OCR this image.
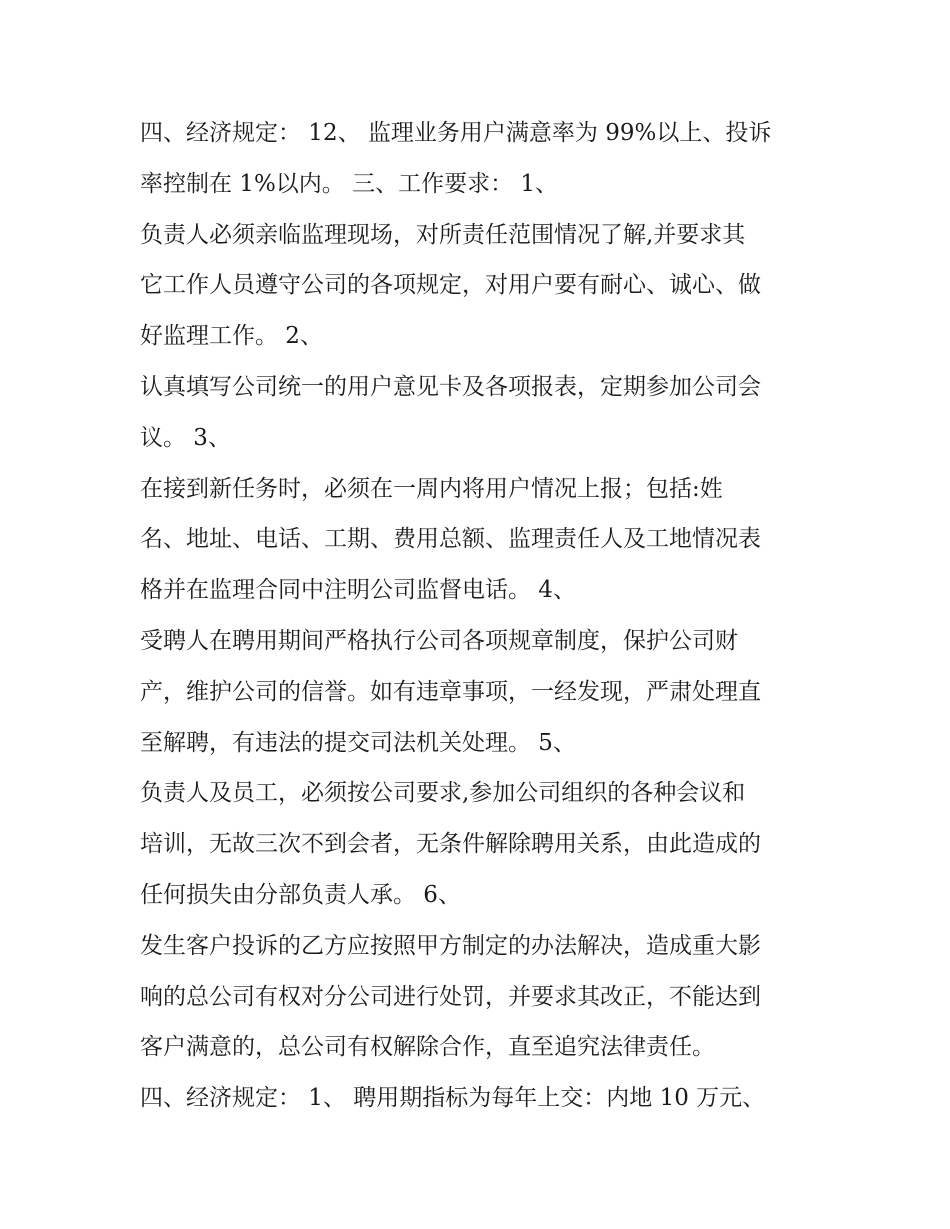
四、经济规定： 12、 监理业务用户满意率为 99%以上、投诉
率控制在 1%以内。 三、工作要求： 1、
负责人必须亲临监理现场，对所责任范围情况了解,并要求其
它工作人员遵守公司的各项规定，对用户要有耐心、诚心、做
好监理工作。 2、
认真填写公司统一的用户意见卡及各项报表，定期参加公司会
议。 3、
在接到新任务时，必须在一周内将用户情况上报；包括:姓
名、地址、电话、工期、费用总额、监理责任人及工地情况表
格并在监理合同中注明公司监督电话。 4、
受聘人在聘用期间严格执行公司各项规章制度，保护公司财
产，维护公司的信誉。如有违章事项，一经发现，严肃处理直
至解聘，有违法的提交司法机关处理。 5、
负责人及员工，必须按公司要求,参加公司组织的各种会议和
培训，无故三次不到会者，无条件解除聘用关系，由此造成的
任何损失由分部负责人承。 6、
发生客户投诉的乙方应按照甲方制定的办法解决，造成重大影
响的总公司有权对分公司进行处罚，并要求其改正，不能达到
客户满意的，总公司有权解除合作，直至追究法律责任。
四、经济规定： 1、 聘用期指标为每年上交：内地 10 万元、
